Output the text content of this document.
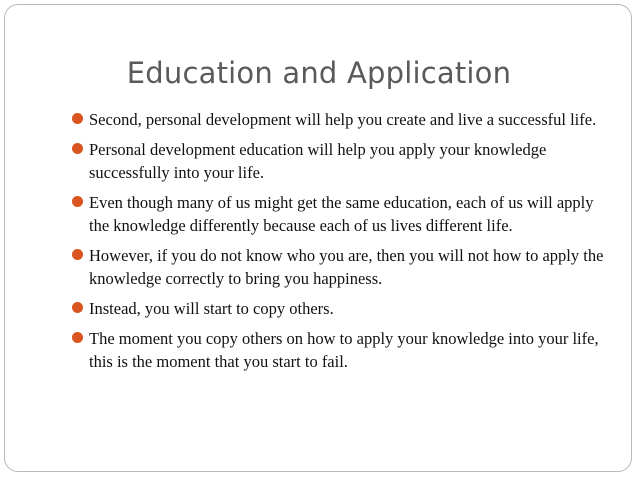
Education and Application
Second, personal development will help you create and live a successful life.
Personal development education will help you apply your knowledge successfully into your life.
Even though many of us might get the same education, each of us will apply the knowledge differently because each of us lives different life.
However, if you do not know who you are, then you will not how to apply the knowledge correctly to bring you happiness.
Instead, you will start to copy others.
The moment you copy others on how to apply your knowledge into your life, this is the moment that you start to fail.
